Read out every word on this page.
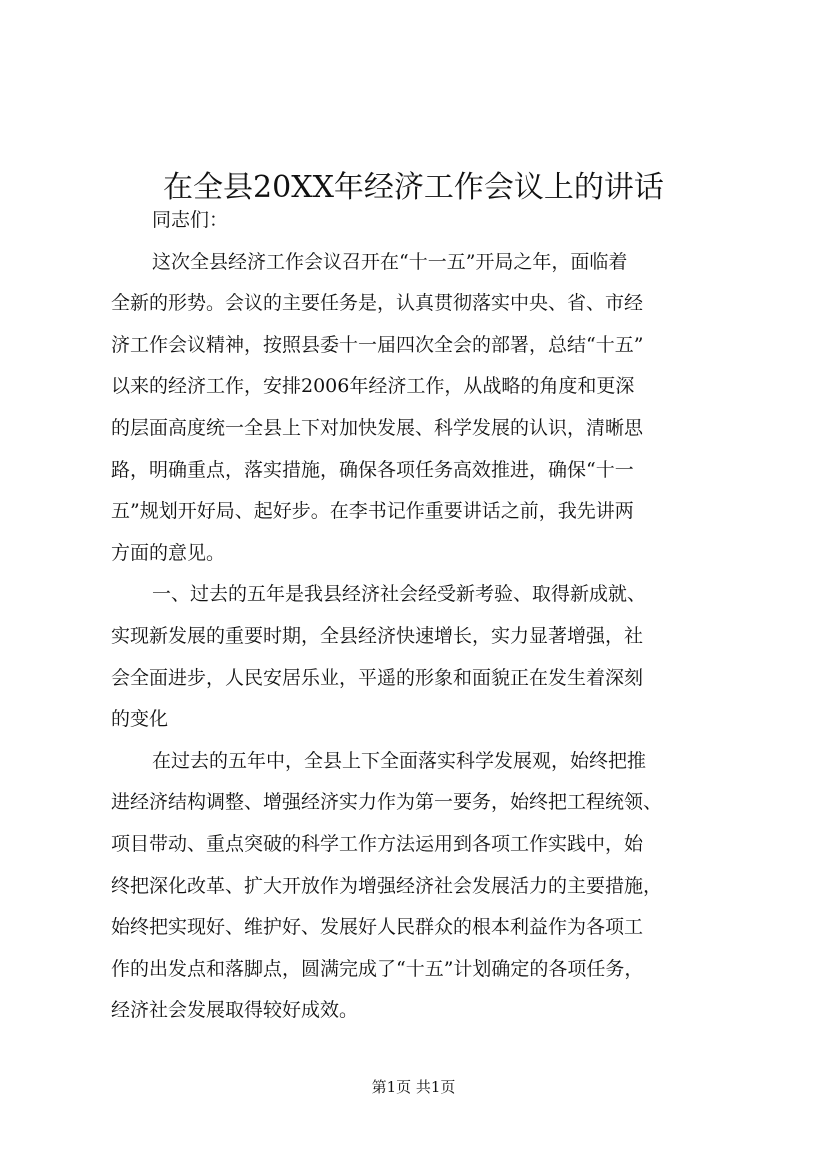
在全县20XX年经济工作会议上的讲话
同志们：
这次全县经济工作会议召开在“十一五”开局之年，面临着
全新的形势。会议的主要任务是，认真贯彻落实中央、省、市经
济工作会议精神，按照县委十一届四次全会的部署，总结“十五”
以来的经济工作，安排2006年经济工作，从战略的角度和更深
的层面高度统一全县上下对加快发展、科学发展的认识，清晰思
路，明确重点，落实措施，确保各项任务高效推进，确保“十一
五”规划开好局、起好步。在李书记作重要讲话之前，我先讲两
方面的意见。
一、过去的五年是我县经济社会经受新考验、取得新成就、
实现新发展的重要时期，全县经济快速增长，实力显著增强，社
会全面进步，人民安居乐业，平遥的形象和面貌正在发生着深刻
的变化
在过去的五年中，全县上下全面落实科学发展观，始终把推
进经济结构调整、增强经济实力作为第一要务，始终把工程统领、
项目带动、重点突破的科学工作方法运用到各项工作实践中，始
终把深化改革、扩大开放作为增强经济社会发展活力的主要措施，
始终把实现好、维护好、发展好人民群众的根本利益作为各项工
作的出发点和落脚点，圆满完成了“十五”计划确定的各项任务，
经济社会发展取得较好成效。
第1页 共1页
